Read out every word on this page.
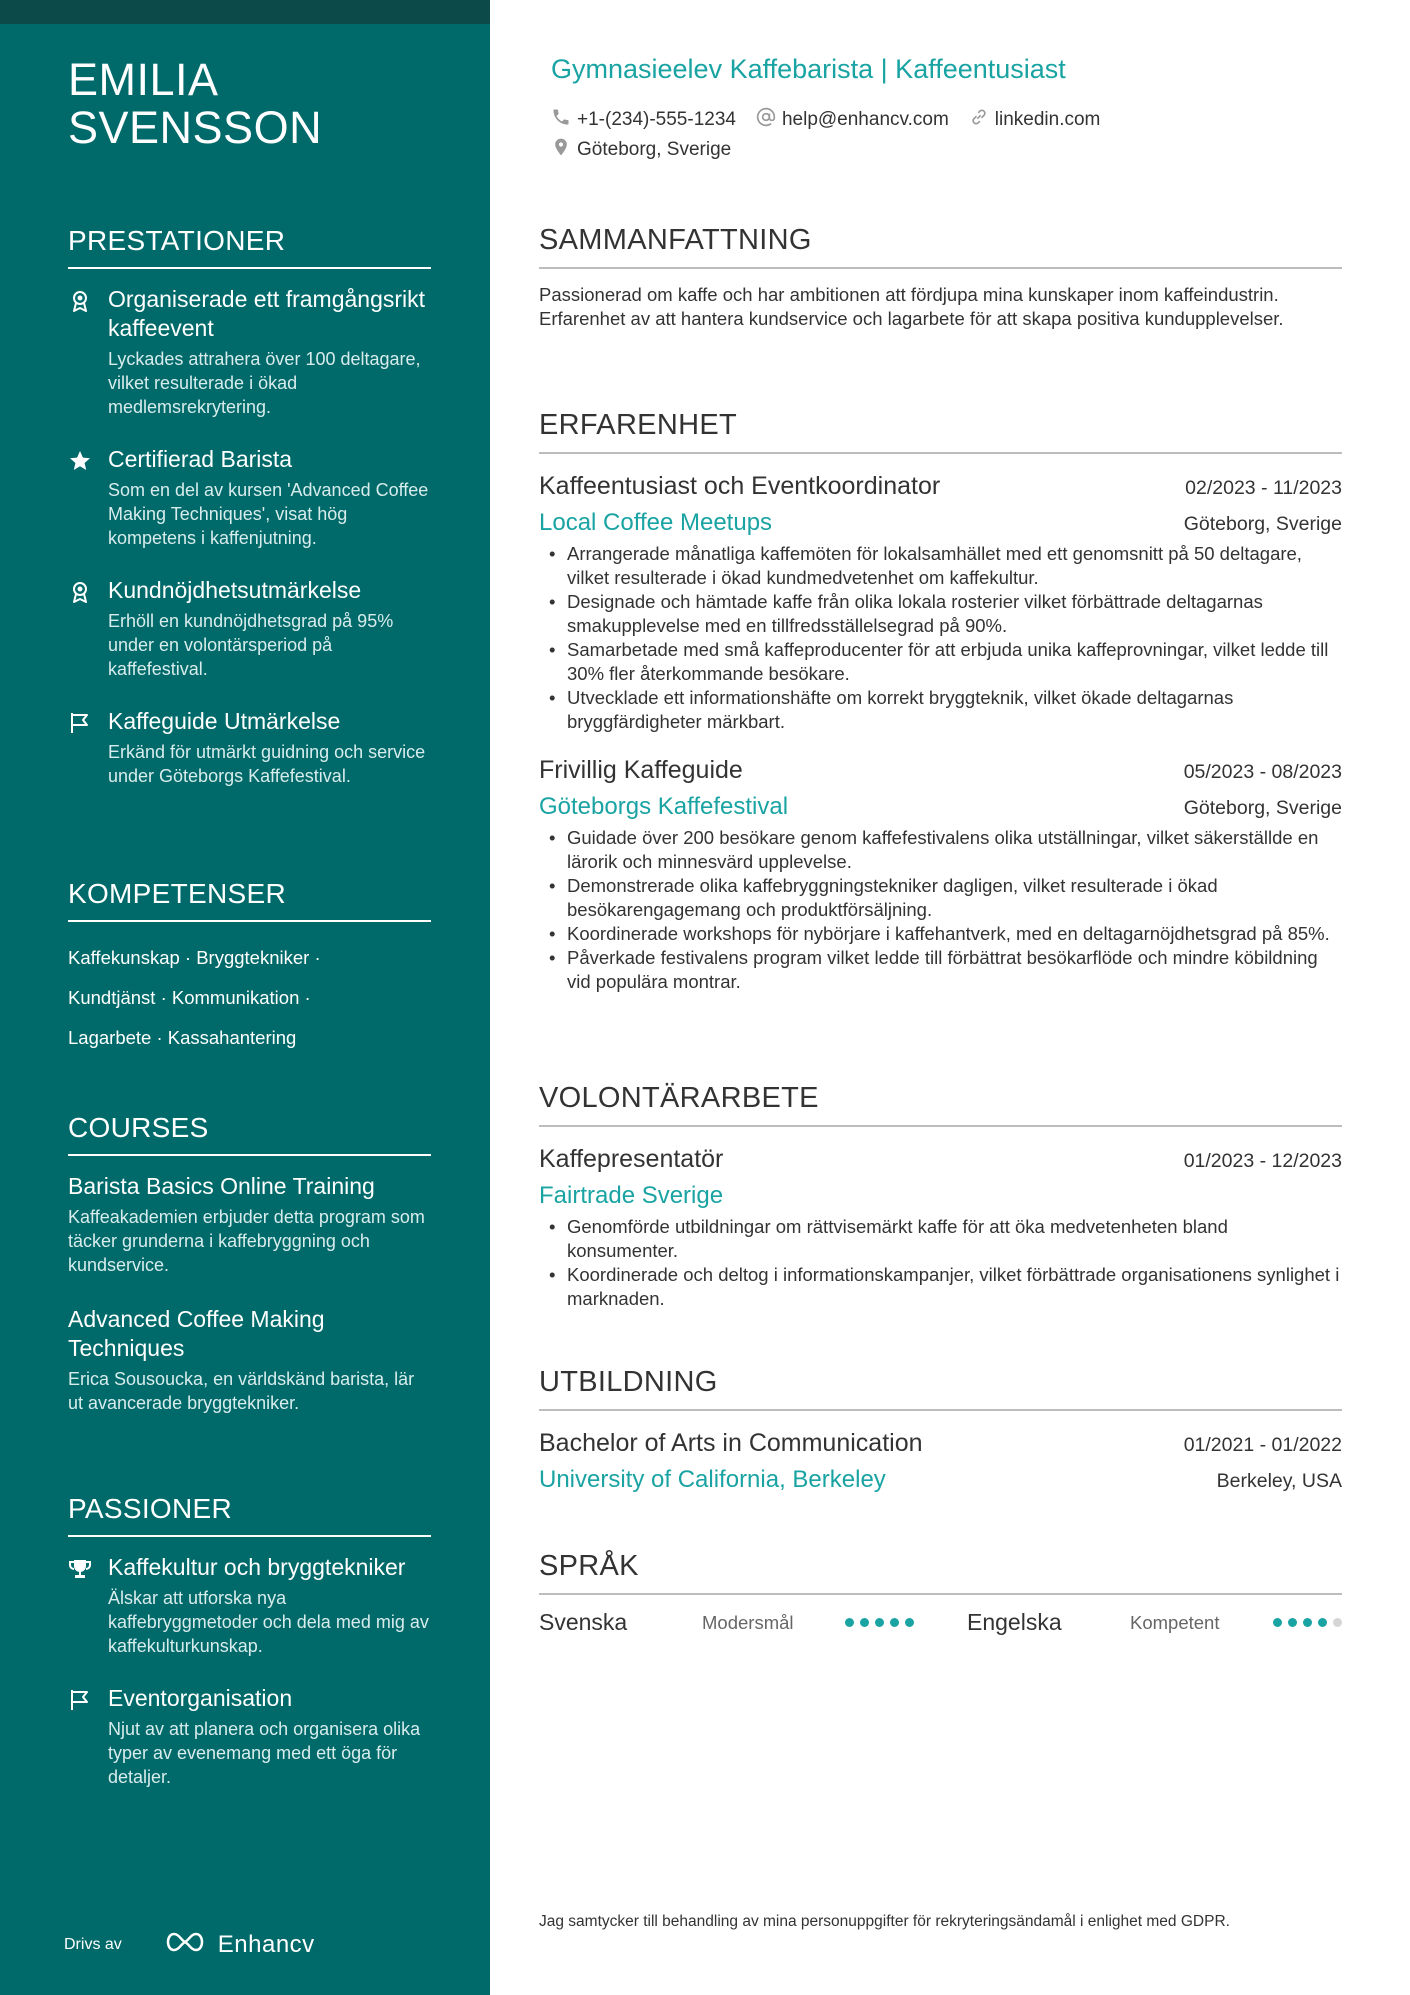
EMILIA
SVENSSON
PRESTATIONER
Organiserade ett framgångsrikt kaffeevent
Lyckades attrahera över 100 deltagare, vilket resulterade i ökad medlemsrekrytering.
Certifierad Barista
Som en del av kursen 'Advanced Coffee Making Techniques', visat hög kompetens i kaffenjutning.
Kundnöjdhetsutmärkelse
Erhöll en kundnöjdhetsgrad på 95% under en volontärsperiod på kaffefestival.
Kaffeguide Utmärkelse
Erkänd för utmärkt guidning och service under Göteborgs Kaffefestival.
KOMPETENSER
Kaffekunskap · Bryggtekniker ·
Kundtjänst · Kommunikation ·
Lagarbete · Kassahantering
COURSES
Barista Basics Online Training
Kaffeakademien erbjuder detta program som täcker grunderna i kaffebryggning och kundservice.
Advanced Coffee Making Techniques
Erica Sousoucka, en världskänd barista, lär ut avancerade bryggtekniker.
PASSIONER
Kaffekultur och bryggtekniker
Älskar att utforska nya kaffebryggmetoder och dela med mig av kaffekulturkunskap.
Eventorganisation
Njut av att planera och organisera olika typer av evenemang med ett öga för detaljer.
Drivs av	Enhancv
Gymnasieelev Kaffebarista | Kaffeentusiast
+1-(234)-555-1234 help@enhancv.com linkedin.com
Göteborg, Sverige
SAMMANFATTNING
Passionerad om kaffe och har ambitionen att fördjupa mina kunskaper inom kaffeindustrin. Erfarenhet av att hantera kundservice och lagarbete för att skapa positiva kundupplevelser.
ERFARENHET
Kaffeentusiast och Eventkoordinator	02/2023 - 11/2023
Local Coffee Meetups	Göteborg, Sverige
• Arrangerade månatliga kaffemöten för lokalsamhället med ett genomsnitt på 50 deltagare, vilket resulterade i ökad kundmedvetenhet om kaffekultur.
• Designade och hämtade kaffe från olika lokala rosterier vilket förbättrade deltagarnas smakupplevelse med en tillfredsställelsegrad på 90%.
• Samarbetade med små kaffeproducenter för att erbjuda unika kaffeprovningar, vilket ledde till 30% fler återkommande besökare.
• Utvecklade ett informationshäfte om korrekt bryggteknik, vilket ökade deltagarnas bryggfärdigheter märkbart.
Frivillig Kaffeguide	05/2023 - 08/2023
Göteborgs Kaffefestival	Göteborg, Sverige
• Guidade över 200 besökare genom kaffefestivalens olika utställningar, vilket säkerställde en lärorik och minnesvärd upplevelse.
• Demonstrerade olika kaffebryggningstekniker dagligen, vilket resulterade i ökad besökarengagemang och produktförsäljning.
• Koordinerade workshops för nybörjare i kaffehantverk, med en deltagarnöjdhetsgrad på 85%.
• Påverkade festivalens program vilket ledde till förbättrat besökarflöde och mindre köbildning vid populära montrar.
VOLONTÄRARBETE
Kaffepresentatör	01/2023 - 12/2023
Fairtrade Sverige
• Genomförde utbildningar om rättvisemärkt kaffe för att öka medvetenheten bland konsumenter.
• Koordinerade och deltog i informationskampanjer, vilket förbättrade organisationens synlighet i marknaden.
UTBILDNING
Bachelor of Arts in Communication	01/2021 - 01/2022
University of California, Berkeley	Berkeley, USA
SPRÅK
Svenska	Modersmål	Engelska	Kompetent
Jag samtycker till behandling av mina personuppgifter för rekryteringsändamål i enlighet med GDPR.
